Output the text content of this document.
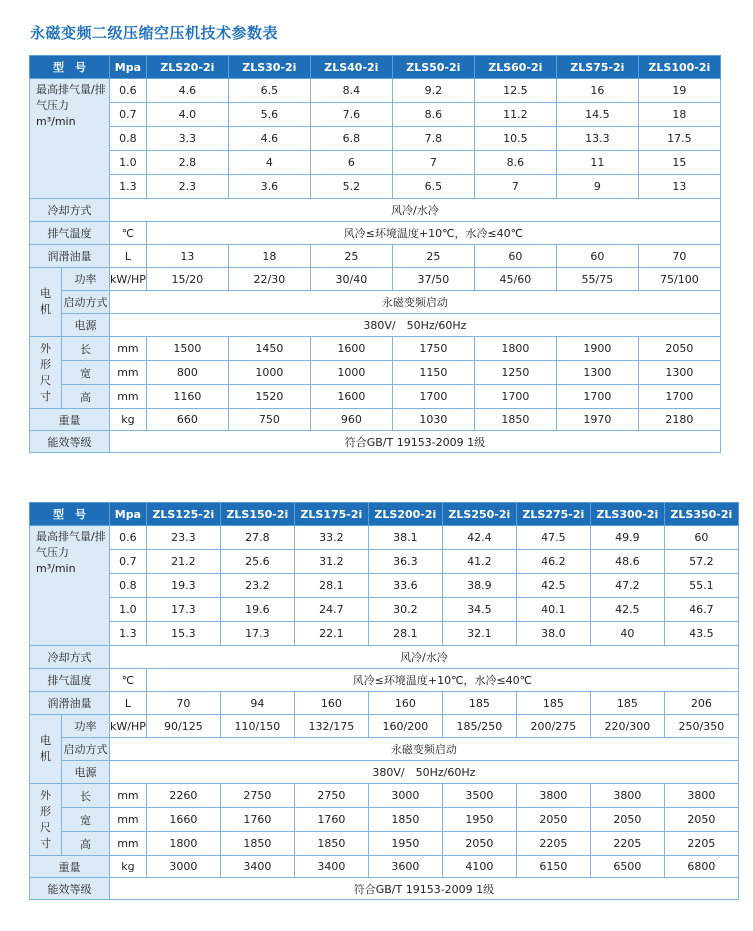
永磁变频二级压缩空压机技术参数表
型　号		Mpa	ZLS20-2i	ZLS30-2i	ZLS40-2i	ZLS50-2i	ZLS60-2i	ZLS75-2i	ZLS100-2i

最高排气量/排气压力
m³/min		0.6	4.6	6.5	8.4	9.2	12.5	16	19
		0.7	4.0	5.6	7.6	8.6	11.2	14.5	18
		0.8	3.3	4.6	6.8	7.8	10.5	13.3	17.5
		1.0	2.8	4	6	7	8.6	11	15
		1.3	2.3	3.6	5.2	6.5	7	9	13
冷却方式		风冷/水冷							
排气温度		℃	风冷≤环境温度+10℃，水冷≤40℃						
润滑油量		L	13	18	25	25	60	60	70
电机	功率	kW/HP	15/20	22/30	30/40	37/50	45/60	55/75	75/100
	启动方式	永磁变频启动							
	电源	380V/　50Hz/60Hz							
外形尺寸	长	mm	1500	1450	1600	1750	1800	1900	2050
	宽	mm	800	1000	1000	1150	1250	1300	1300
	高	mm	1160	1520	1600	1700	1700	1700	1700
重量		kg	660	750	960	1030	1850	1970	2180
能效等级		符合GB/T 19153-2009 1级							
型　号		Mpa	ZLS125-2i	ZLS150-2i	ZLS175-2i	ZLS200-2i	ZLS250-2i	ZLS275-2i	ZLS300-2i	ZLS350-2i

最高排气量/排气压力
m³/min		0.6	23.3	27.8	33.2	38.1	42.4	47.5	49.9	60
		0.7	21.2	25.6	31.2	36.3	41.2	46.2	48.6	57.2
		0.8	19.3	23.2	28.1	33.6	38.9	42.5	47.2	55.1
		1.0	17.3	19.6	24.7	30.2	34.5	40.1	42.5	46.7
		1.3	15.3	17.3	22.1	28.1	32.1	38.0	40	43.5
冷却方式		风冷/水冷								
排气温度		℃	风冷≤环境温度+10℃，水冷≤40℃							
润滑油量		L	70	94	160	160	185	185	185	206
电机	功率	kW/HP	90/125	110/150	132/175	160/200	185/250	200/275	220/300	250/350
	启动方式	永磁变频启动								
	电源	380V/　50Hz/60Hz								
外形尺寸	长	mm	2260	2750	2750	3000	3500	3800	3800	3800
	宽	mm	1660	1760	1760	1850	1950	2050	2050	2050
	高	mm	1800	1850	1850	1950	2050	2205	2205	2205
重量		kg	3000	3400	3400	3600	4100	6150	6500	6800
能效等级		符合GB/T 19153-2009 1级								
